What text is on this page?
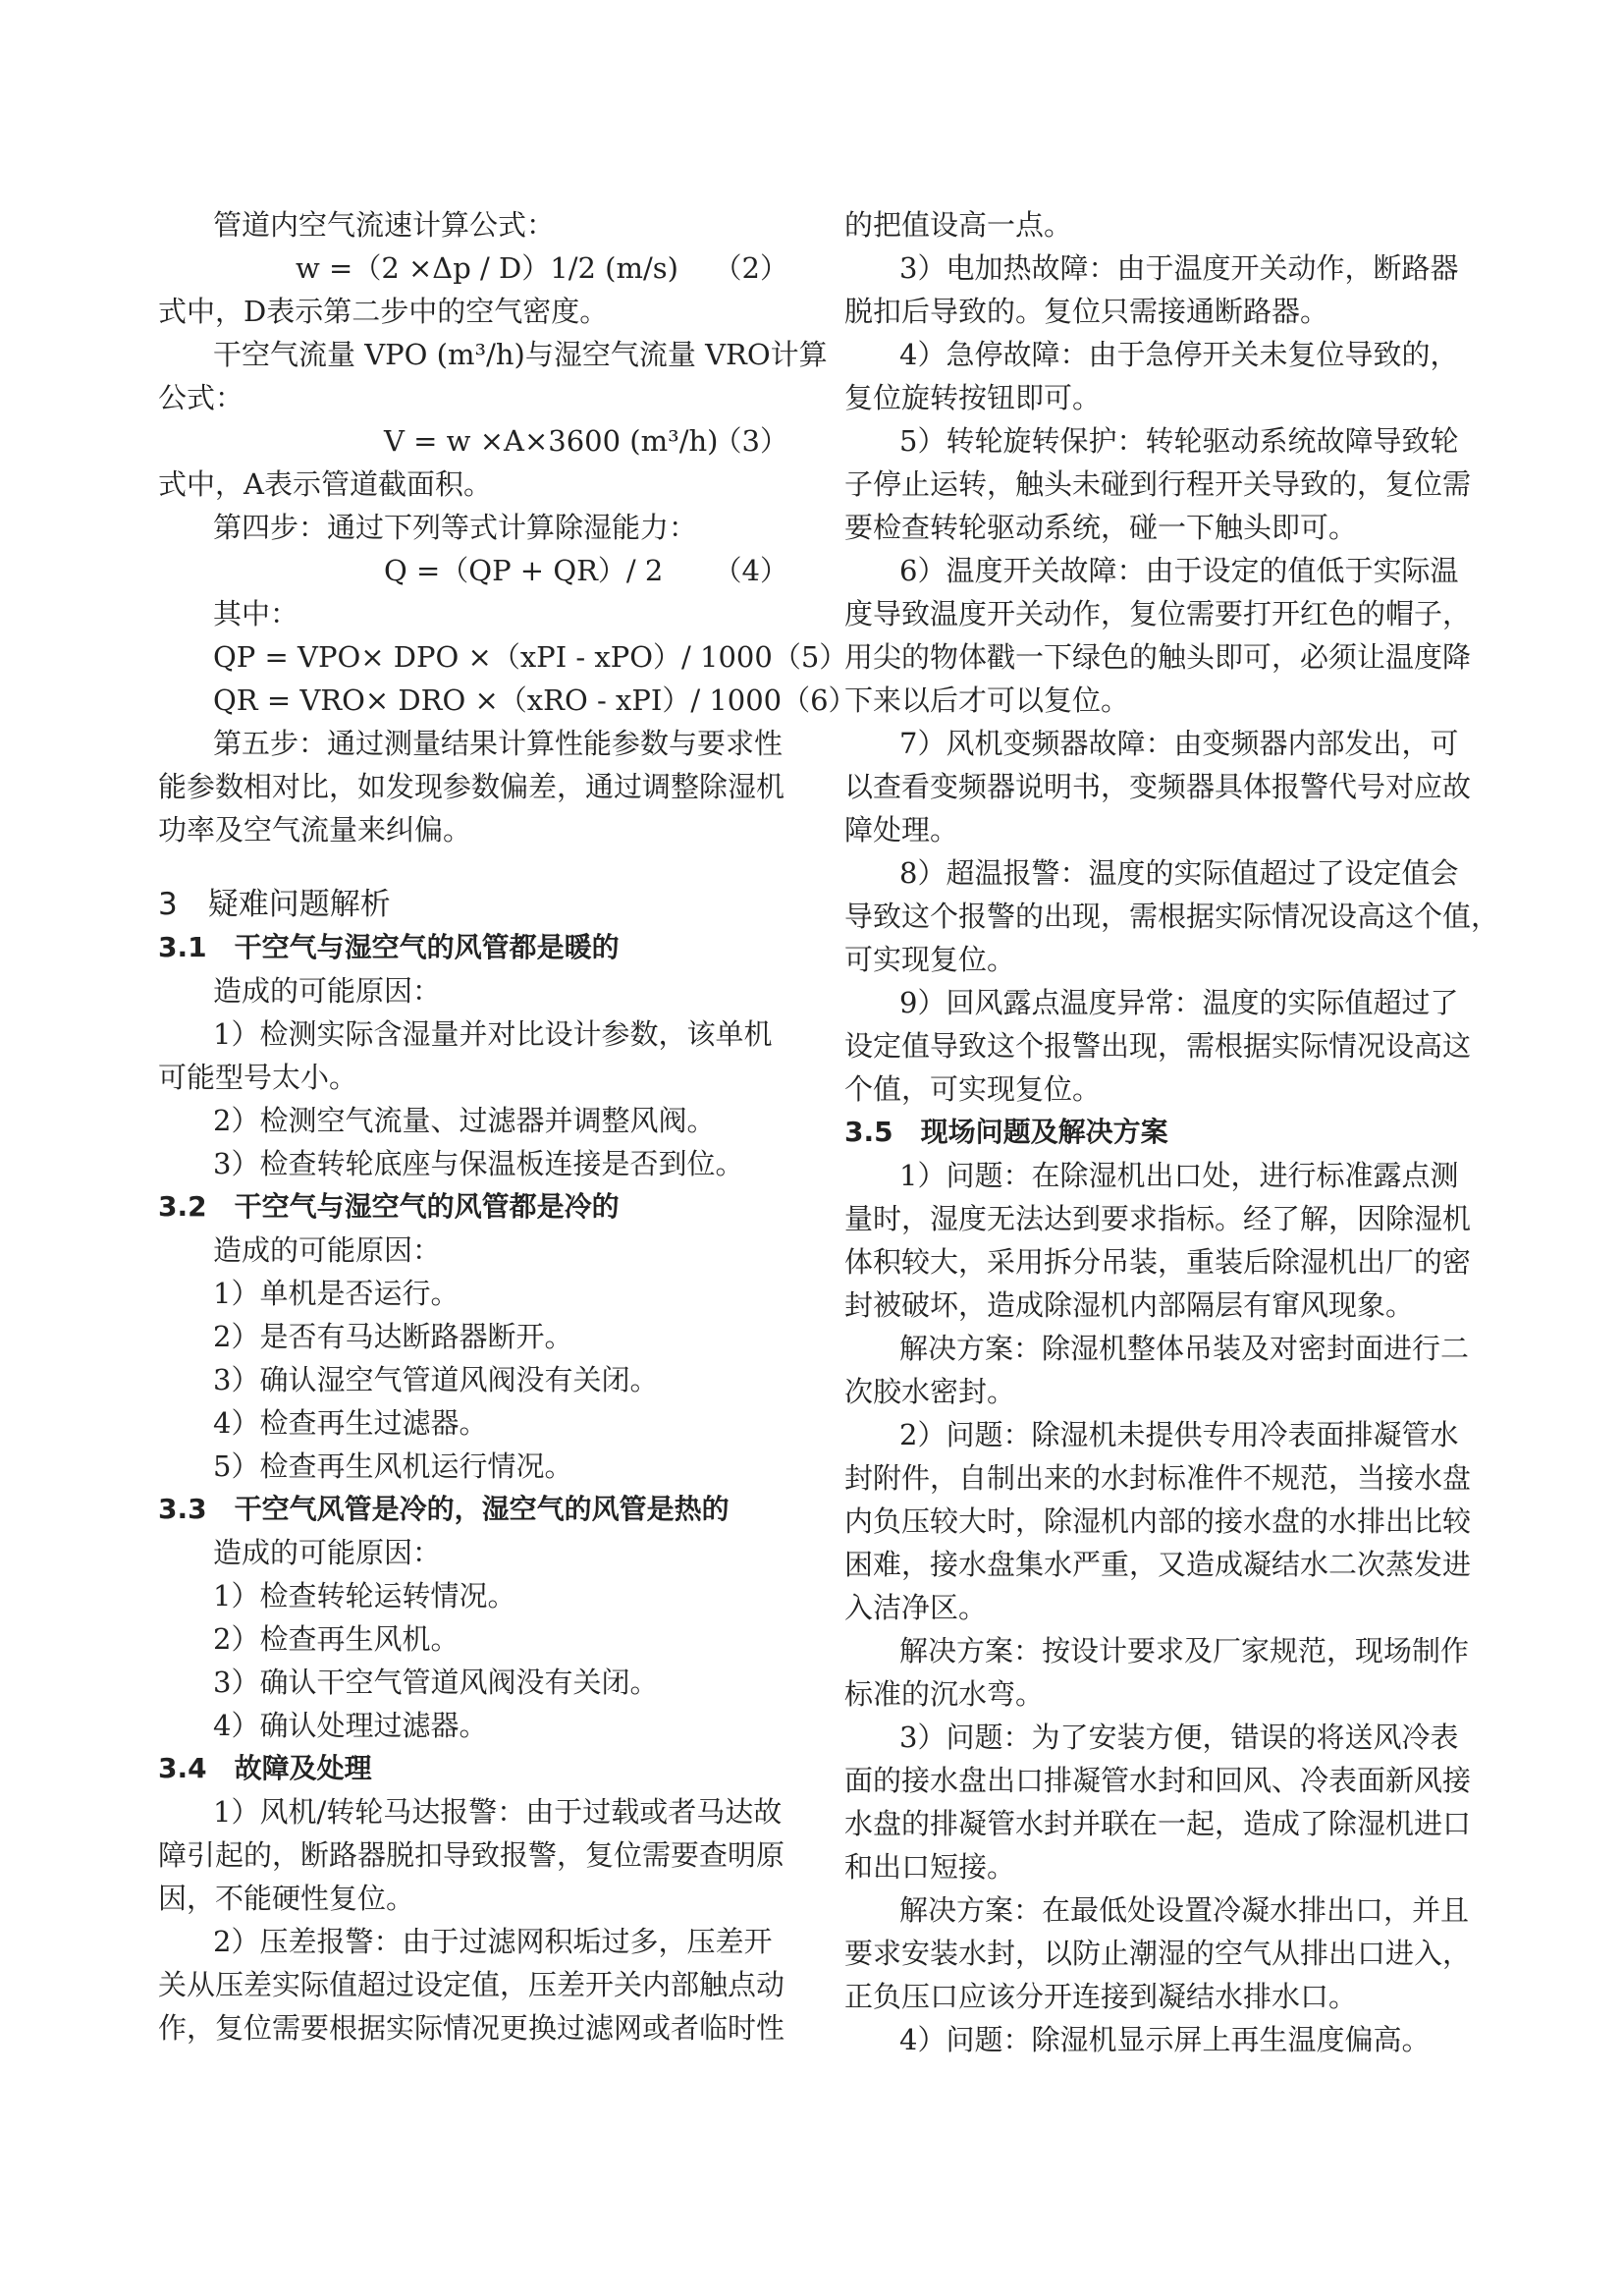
管道内空气流速计算公式：
w =（2 ×Δp / D）1/2 (m/s) （2）
式中，D表示第二步中的空气密度。
干空气流量 VPO (m³/h)与湿空气流量 VRO计算
公式：
V = w ×A×3600 (m³/h)
（3）
式中，A表示管道截面积。
第四步：通过下列等式计算除湿能力：
Q =（QP + QR）/ 2 （4）
其中：
QP = VPO× DPO ×（xPI - xPO）/ 1000（5）
QR = VRO× DRO ×（xRO - xPI）/ 1000（6）
第五步：通过测量结果计算性能参数与要求性
能参数相对比，如发现参数偏差，通过调整除湿机
功率及空气流量来纠偏。
3　疑难问题解析
3.1　干空气与湿空气的风管都是暖的
造成的可能原因：
1）检测实际含湿量并对比设计参数，该单机
可能型号太小。
2）检测空气流量、过滤器并调整风阀。
3）检查转轮底座与保温板连接是否到位。
3.2　干空气与湿空气的风管都是冷的
造成的可能原因：
1）单机是否运行。
2）是否有马达断路器断开。
3）确认湿空气管道风阀没有关闭。
4）检查再生过滤器。
5）检查再生风机运行情况。
3.3　干空气风管是冷的，湿空气的风管是热的
造成的可能原因：
1）检查转轮运转情况。
2）检查再生风机。
3）确认干空气管道风阀没有关闭。
4）确认处理过滤器。
3.4　故障及处理
1）风机/转轮马达报警：由于过载或者马达故
障引起的，断路器脱扣导致报警，复位需要查明原
因，不能硬性复位。
2）压差报警：由于过滤网积垢过多，压差开
关从压差实际值超过设定值，压差开关内部触点动
作，复位需要根据实际情况更换过滤网或者临时性
的把值设高一点。
3）电加热故障：由于温度开关动作，断路器
脱扣后导致的。复位只需接通断路器。
4）急停故障：由于急停开关未复位导致的，
复位旋转按钮即可。
5）转轮旋转保护：转轮驱动系统故障导致轮
子停止运转，触头未碰到行程开关导致的，复位需
要检查转轮驱动系统，碰一下触头即可。
6）温度开关故障：由于设定的值低于实际温
度导致温度开关动作，复位需要打开红色的帽子，
用尖的物体戳一下绿色的触头即可，必须让温度降
下来以后才可以复位。
7）风机变频器故障：由变频器内部发出，可
以查看变频器说明书，变频器具体报警代号对应故
障处理。
8）超温报警：温度的实际值超过了设定值会
导致这个报警的出现，需根据实际情况设高这个值，
可实现复位。
9）回风露点温度异常：温度的实际值超过了
设定值导致这个报警出现，需根据实际情况设高这
个值，可实现复位。
3.5　现场问题及解决方案
1）问题：在除湿机出口处，进行标准露点测
量时，湿度无法达到要求指标。经了解，因除湿机
体积较大，采用拆分吊装，重装后除湿机出厂的密
封被破坏，造成除湿机内部隔层有窜风现象。
解决方案：除湿机整体吊装及对密封面进行二
次胶水密封。
2）问题：除湿机未提供专用冷表面排凝管水
封附件，自制出来的水封标准件不规范，当接水盘
内负压较大时，除湿机内部的接水盘的水排出比较
困难，接水盘集水严重，又造成凝结水二次蒸发进
入洁净区。
解决方案：按设计要求及厂家规范，现场制作
标准的沉水弯。
3）问题：为了安装方便，错误的将送风冷表
面的接水盘出口排凝管水封和回风、冷表面新风接
水盘的排凝管水封并联在一起，造成了除湿机进口
和出口短接。
解决方案：在最低处设置冷凝水排出口，并且
要求安装水封，以防止潮湿的空气从排出口进入，
正负压口应该分开连接到凝结水排水口。
4）问题：除湿机显示屏上再生温度偏高。
